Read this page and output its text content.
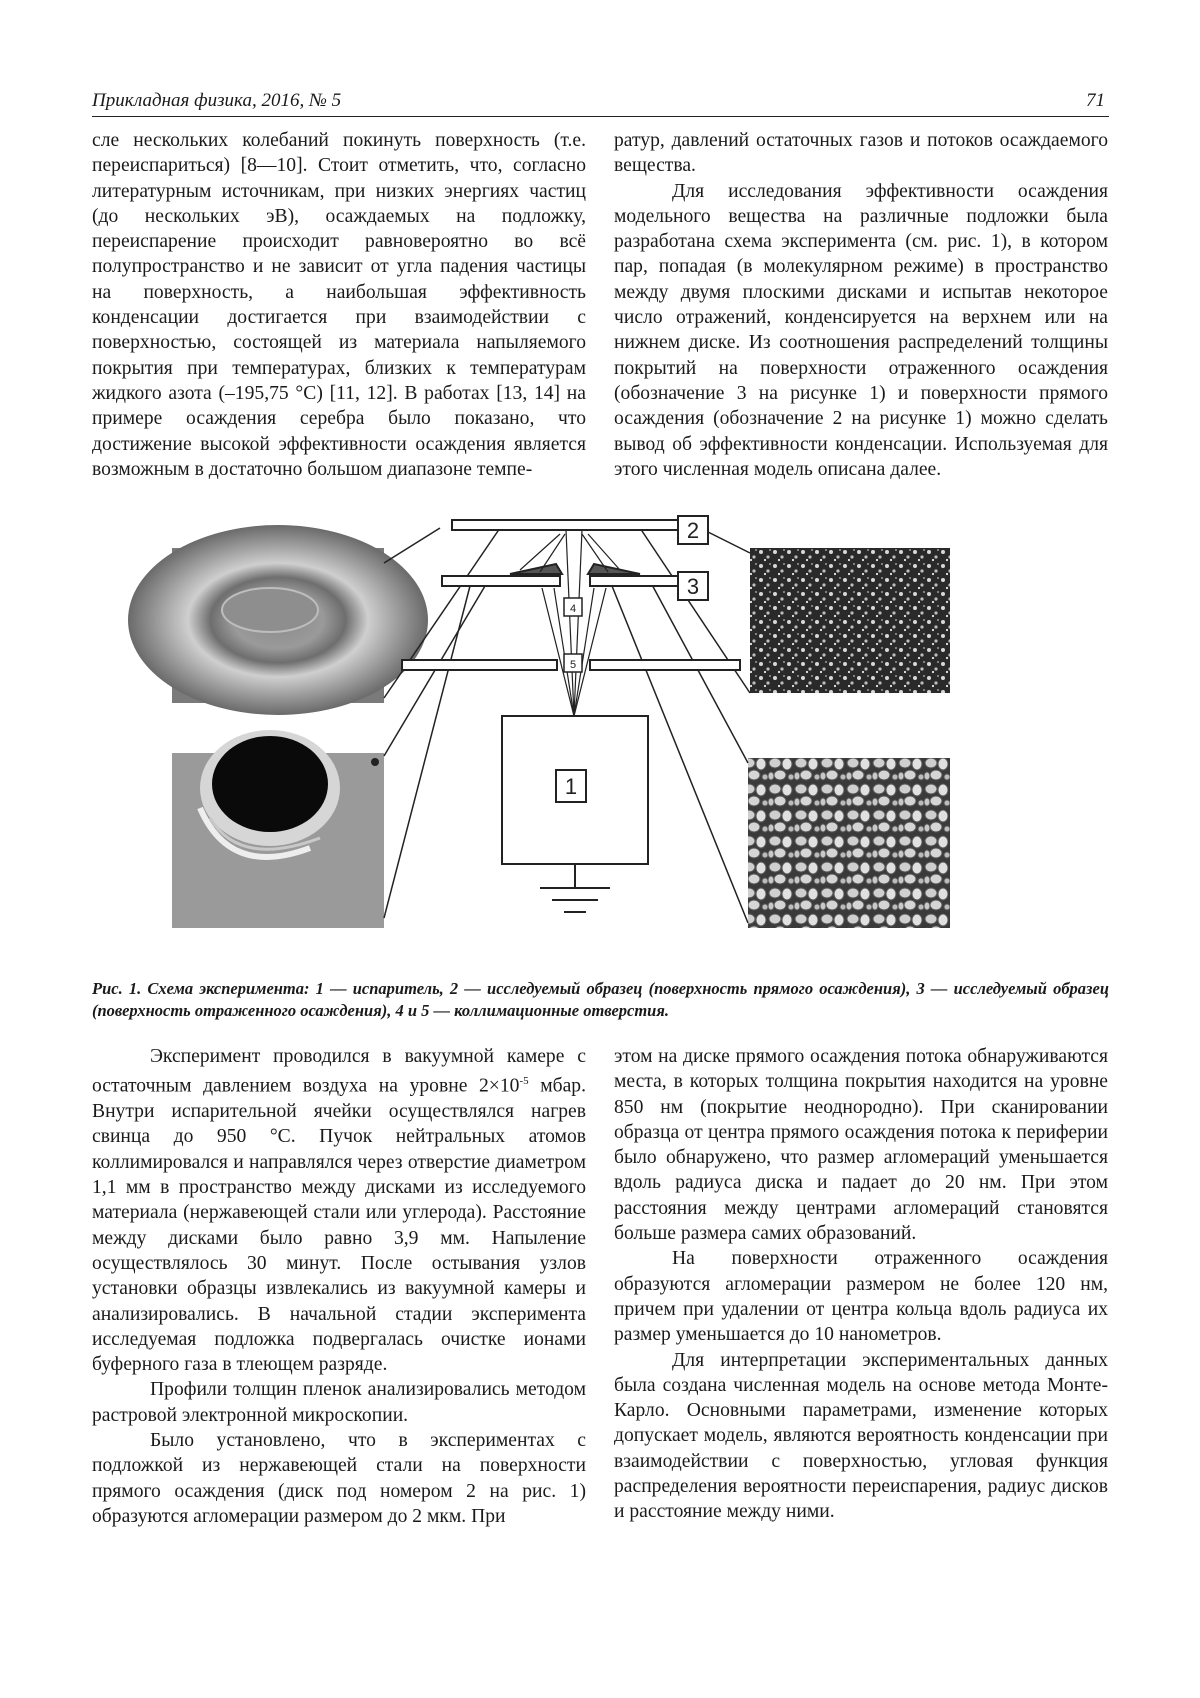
Прикладная физика, 2016, № 5	71

сле нескольких колебаний покинуть поверхность (т.е. переиспариться) [8—10]. Стоит отметить, что, согласно литературным источникам, при низких энергиях частиц (до нескольких эВ), осаждаемых на подложку, переиспарение происходит равновероятно во всё полупространство и не зависит от угла падения частицы на поверхность, а наибольшая эффективность конденсации достигается при взаимодействии с поверхностью, состоящей из материала напыляемого покрытия при температурах, близких к температурам жидкого азота (–195,75 °С) [11, 12]. В работах [13, 14] на примере осаждения серебра было показано, что достижение высокой эффективности осаждения является возможным в достаточно большом диапазоне темпе-

ратур, давлений остаточных газов и потоков осаждаемого вещества.

Для исследования эффективности осаждения модельного вещества на различные подложки была разработана схема эксперимента (см. рис. 1), в котором пар, попадая (в молекулярном режиме) в пространство между двумя плоскими дисками и испытав некоторое число отражений, конденсируется на верхнем или на нижнем диске. Из соотношения распределений толщины покрытий на поверхности отраженного осаждения (обозначение 3 на рисунке 1) и поверхности прямого осаждения (обозначение 2 на рисунке 1) можно сделать вывод об эффективности конденсации. Используемая для этого численная модель описана далее.

2
3
4
5
1
Рис. 1. Схема эксперимента: 1 — испаритель, 2 — исследуемый образец (поверхность прямого осаждения), 3 — исследуемый образец (поверхность отраженного осаждения), 4 и 5 — коллимационные отверстия.

Эксперимент проводился в вакуумной камере с остаточным давлением воздуха на уровне $2\times 10^{-5}$ мбар. Внутри испарительной ячейки осуществлялся нагрев свинца до 950 °С. Пучок нейтральных атомов коллимировался и направлялся через отверстие диаметром 1,1 мм в пространство между дисками из исследуемого материала (нержавеющей стали или углерода). Расстояние между дисками было равно 3,9 мм. Напыление осуществлялось 30 минут. После остывания узлов установки образцы извлекались из вакуумной камеры и анализировались. В начальной стадии эксперимента исследуемая подложка подвергалась очистке ионами буферного газа в тлеющем разряде.

Профили толщин пленок анализировались методом растровой электронной микроскопии.

Было установлено, что в экспериментах с подложкой из нержавеющей стали на поверхности прямого осаждения (диск под номером 2 на рис. 1) образуются агломерации размером до 2 мкм. При

этом на диске прямого осаждения потока обнаруживаются места, в которых толщина покрытия находится на уровне 850 нм (покрытие неоднородно). При сканировании образца от центра прямого осаждения потока к периферии было обнаружено, что размер агломераций уменьшается вдоль радиуса диска и падает до 20 нм. При этом расстояния между центрами агломераций становятся больше размера самих образований.

На поверхности отраженного осаждения образуются агломерации размером не более 120 нм, причем при удалении от центра кольца вдоль радиуса их размер уменьшается до 10 нанометров.

Для интерпретации экспериментальных данных была создана численная модель на основе метода Монте-Карло. Основными параметрами, изменение которых допускает модель, являются вероятность конденсации при взаимодействии с поверхностью, угловая функция распределения вероятности переиспарения, радиус дисков и расстояние между ними.
